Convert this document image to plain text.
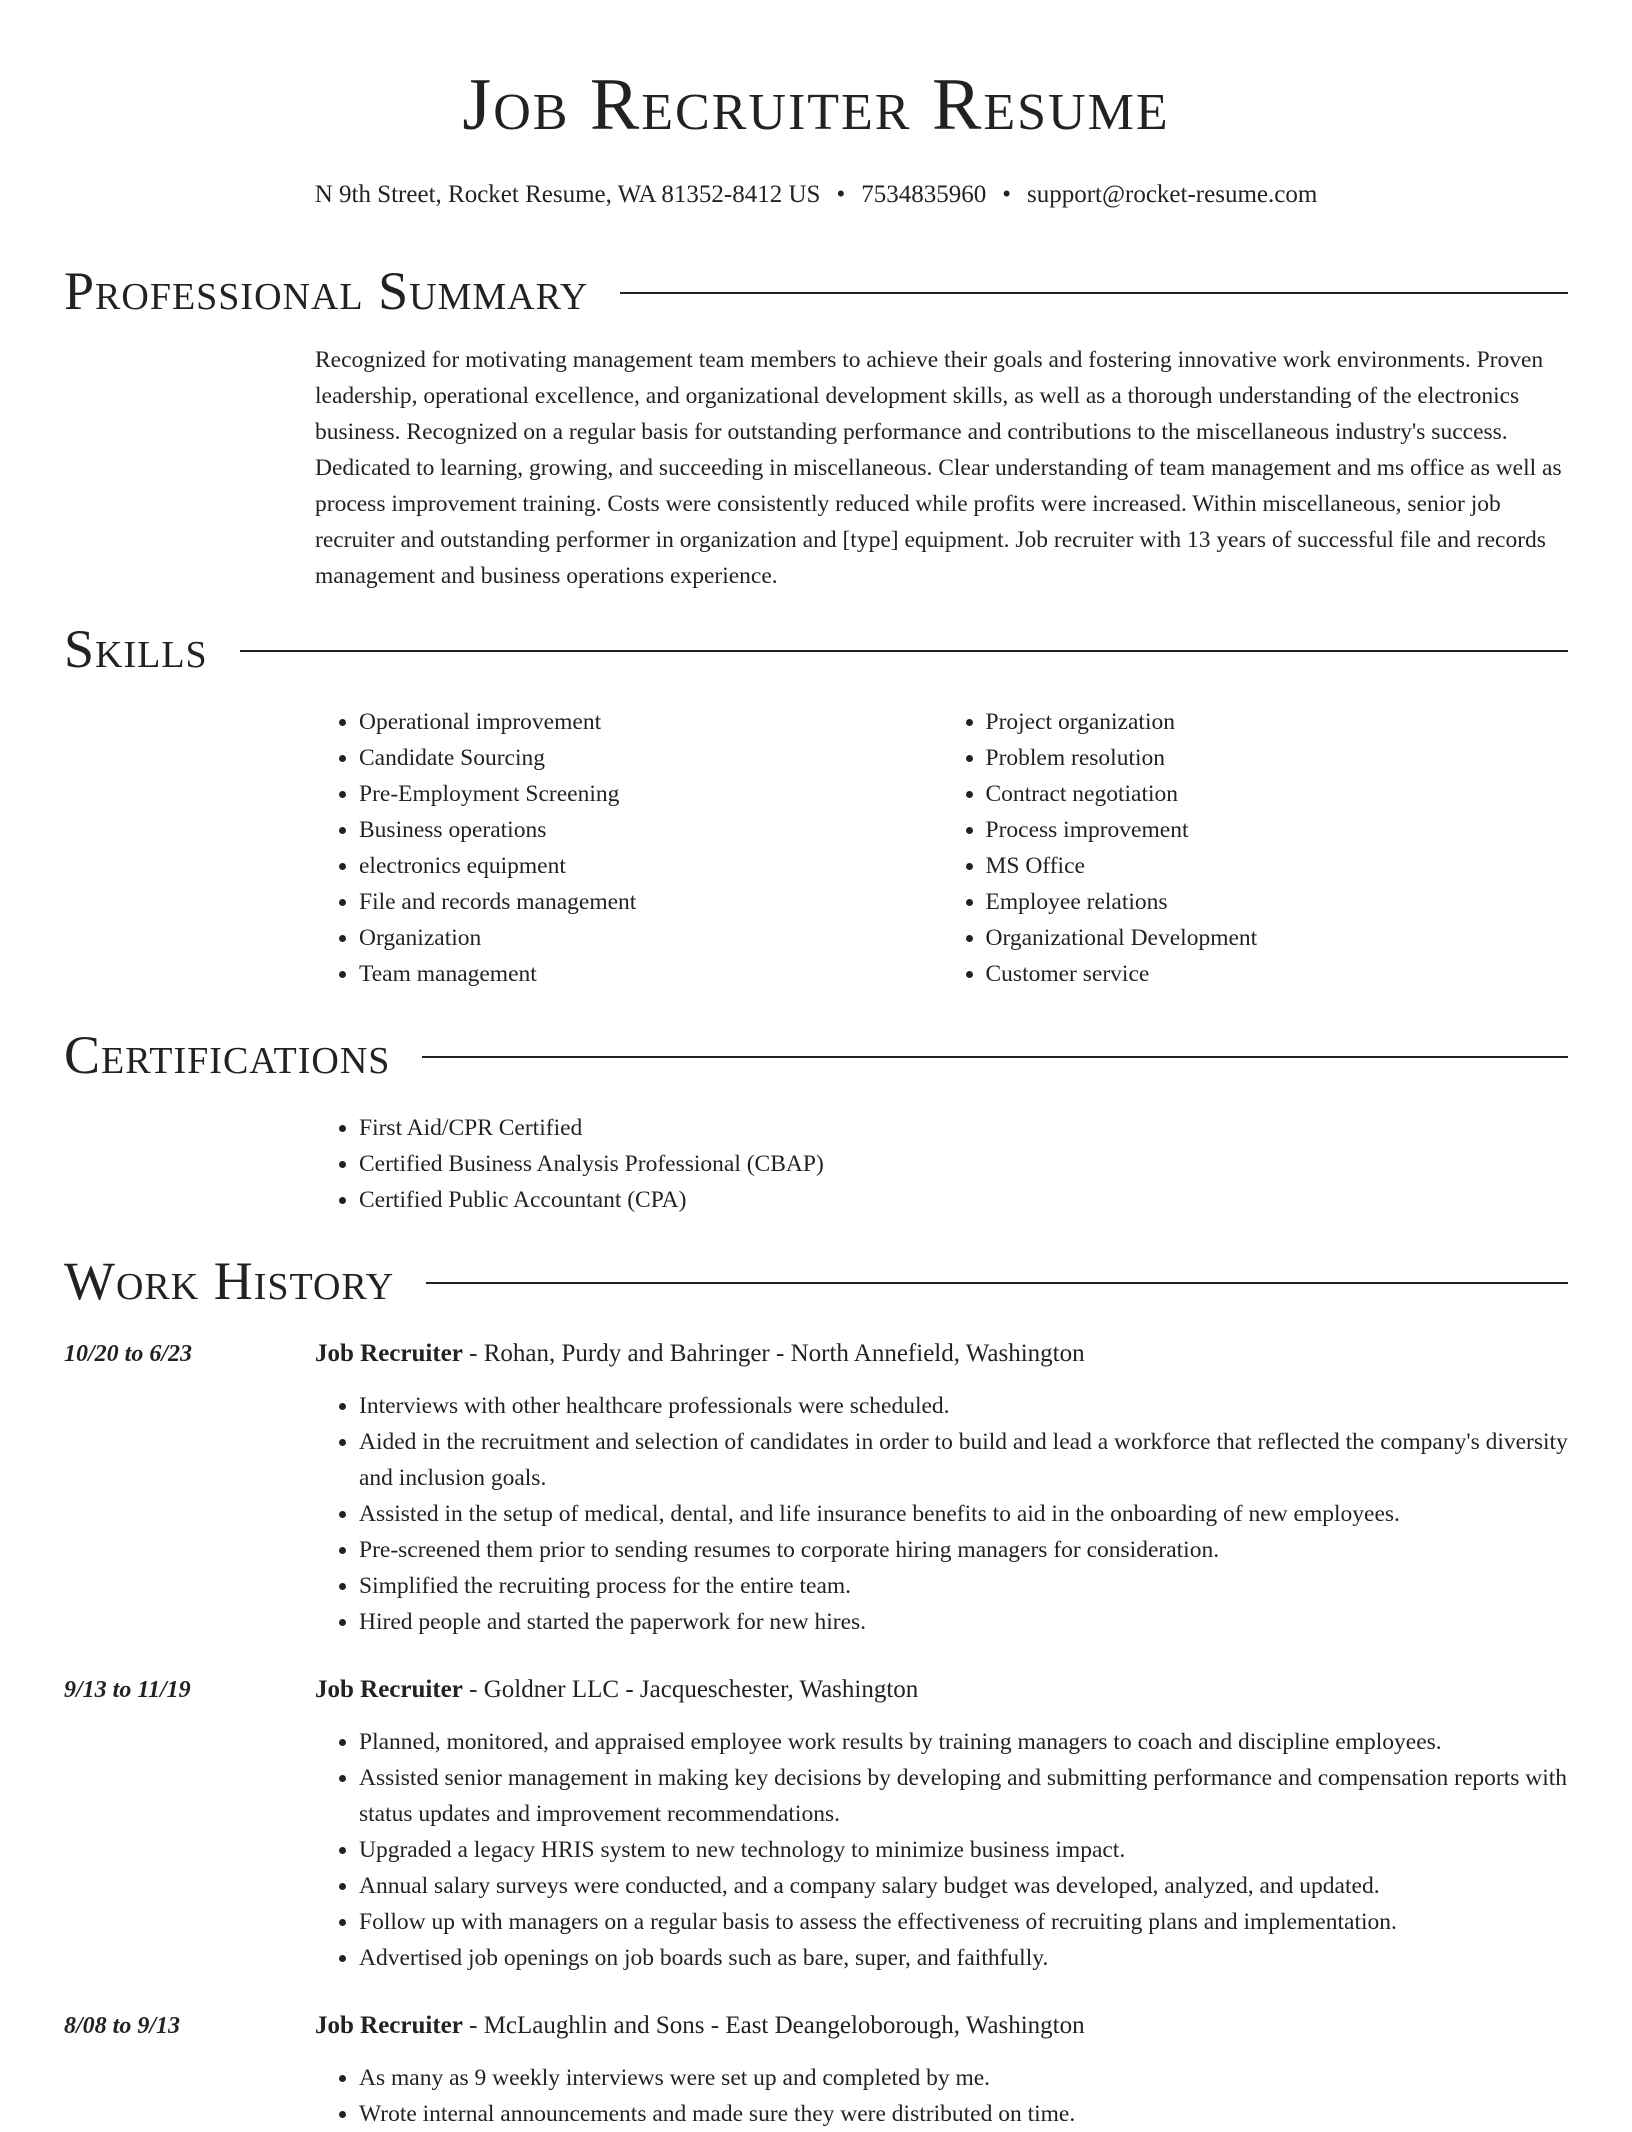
Job Recruiter Resume
N 9th Street, Rocket Resume, WA 81352-8412 US • 7534835960 • support@rocket-resume.com
Professional Summary
Recognized for motivating management team members to achieve their goals and fostering innovative work environments. Proven leadership, operational excellence, and organizational development skills, as well as a thorough understanding of the electronics business. Recognized on a regular basis for outstanding performance and contributions to the miscellaneous industry's success. Dedicated to learning, growing, and succeeding in miscellaneous. Clear understanding of team management and ms office as well as process improvement training. Costs were consistently reduced while profits were increased. Within miscellaneous, senior job recruiter and outstanding performer in organization and [type] equipment. Job recruiter with 13 years of successful file and records management and business operations experience.
Skills
• Operational improvement
• Candidate Sourcing
• Pre-Employment Screening
• Business operations
• electronics equipment
• File and records management
• Organization
• Team management
• Project organization
• Problem resolution
• Contract negotiation
• Process improvement
• MS Office
• Employee relations
• Organizational Development
• Customer service
Certifications
• First Aid/CPR Certified
• Certified Business Analysis Professional (CBAP)
• Certified Public Accountant (CPA)
Work History
10/20 to 6/23	Job Recruiter - Rohan, Purdy and Bahringer - North Annefield, Washington
• Interviews with other healthcare professionals were scheduled.
• Aided in the recruitment and selection of candidates in order to build and lead a workforce that reflected the company's diversity and inclusion goals.
• Assisted in the setup of medical, dental, and life insurance benefits to aid in the onboarding of new employees.
• Pre-screened them prior to sending resumes to corporate hiring managers for consideration.
• Simplified the recruiting process for the entire team.
• Hired people and started the paperwork for new hires.
9/13 to 11/19	Job Recruiter - Goldner LLC - Jacqueschester, Washington
• Planned, monitored, and appraised employee work results by training managers to coach and discipline employees.
• Assisted senior management in making key decisions by developing and submitting performance and compensation reports with status updates and improvement recommendations.
• Upgraded a legacy HRIS system to new technology to minimize business impact.
• Annual salary surveys were conducted, and a company salary budget was developed, analyzed, and updated.
• Follow up with managers on a regular basis to assess the effectiveness of recruiting plans and implementation.
• Advertised job openings on job boards such as bare, super, and faithfully.
8/08 to 9/13	Job Recruiter - McLaughlin and Sons - East Deangeloborough, Washington
• As many as 9 weekly interviews were set up and completed by me.
• Wrote internal announcements and made sure they were distributed on time.
